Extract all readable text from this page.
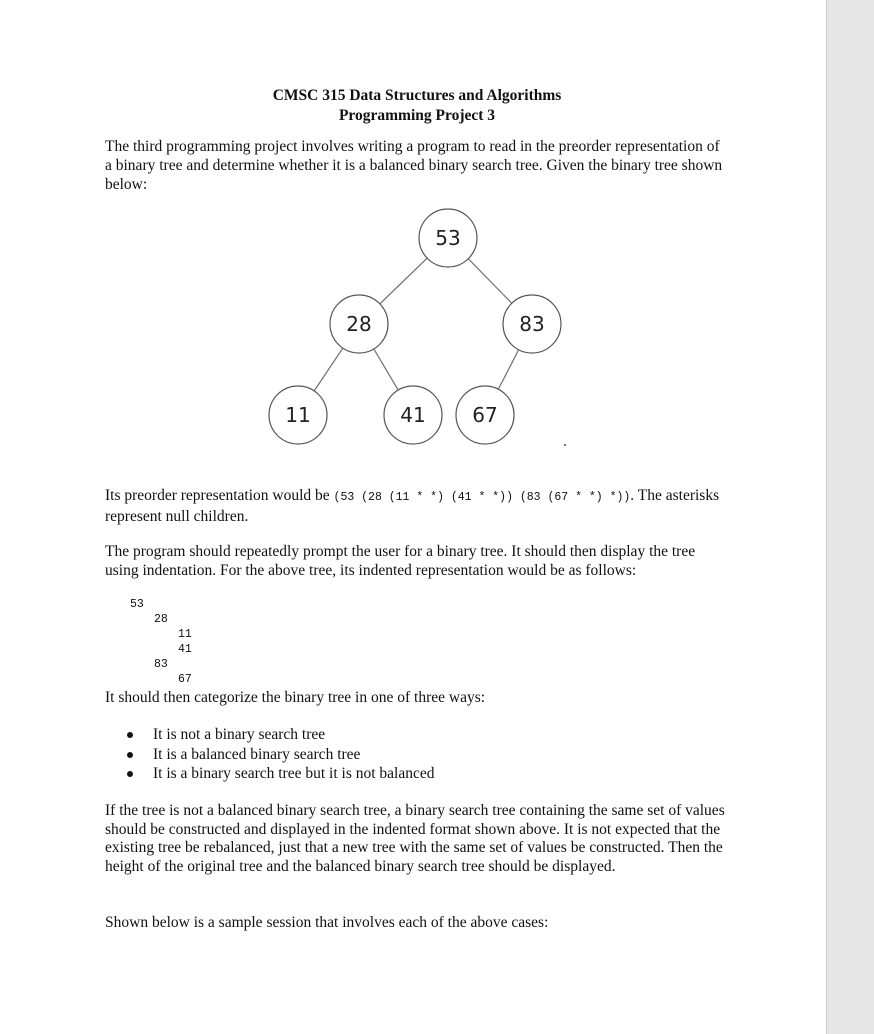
CMSC 315 Data Structures and Algorithms
Programming Project 3
The third programming project involves writing a program to read in the preorder representation of a binary tree and determine whether it is a balanced binary search tree. Given the binary tree shown below:
53
28	83
11	41 67
Its preorder representation would be (53 (28 (11 * *) (41 * *)) (83 (67 * *) *)). The asterisks represent null children.
The program should repeatedly prompt the user for a binary tree. It should then display the tree using indentation. For the above tree, its indented representation would be as follows:
53
28
11
41
83
67
It should then categorize the binary tree in one of three ways:
It is not a binary search tree
It is a balanced binary search tree
It is a binary search tree but it is not balanced
If the tree is not a balanced binary search tree, a binary search tree containing the same set of values should be constructed and displayed in the indented format shown above. It is not expected that the existing tree be rebalanced, just that a new tree with the same set of values be constructed. Then the height of the original tree and the balanced binary search tree should be displayed.
Shown below is a sample session that involves each of the above cases:
